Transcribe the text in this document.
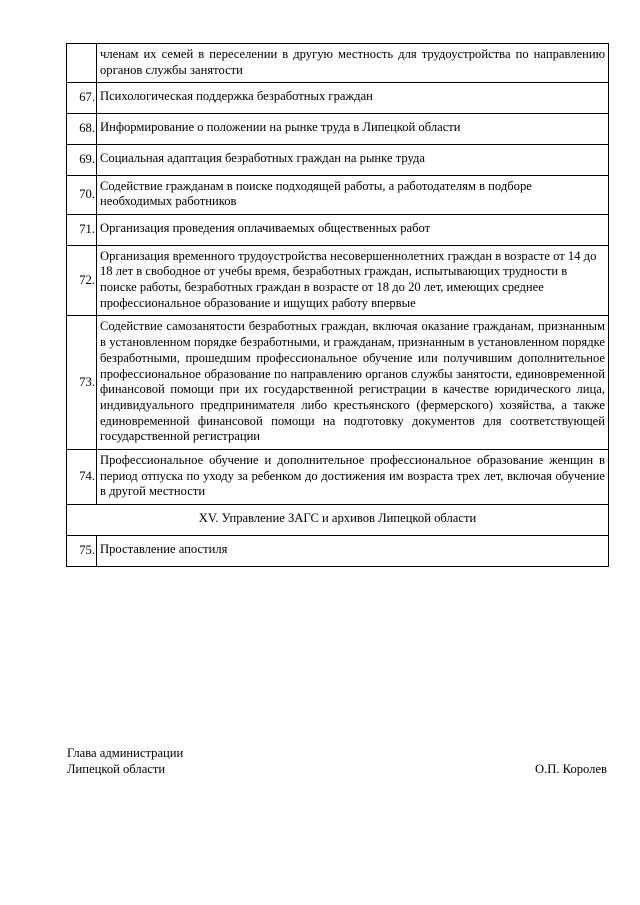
	членам их семей в переселении в другую местность для трудоустройства по направлению органов службы занятости
67.	Психологическая поддержка безработных граждан
68.	Информирование о положении на рынке труда в Липецкой области
69.	Социальная адаптация безработных граждан на рынке труда
70.	Содействие гражданам в поиске подходящей работы, а работодателям в подборе необходимых работников
71.	Организация проведения оплачиваемых общественных работ
72.	Организация временного трудоустройства несовершеннолетних граждан в возрасте от 14 до 18 лет в свободное от учебы время, безработных граждан, испытывающих трудности в поиске работы, безработных граждан в возрасте от 18 до 20 лет, имеющих среднее профессиональное образование и ищущих работу впервые
73.	Содействие самозанятости безработных граждан, включая оказание гражданам, признанным в установленном порядке безработными, и гражданам, признанным в установленном порядке безработными, прошедшим профессиональное обучение или получившим дополнительное профессиональное образование по направлению органов службы занятости, единовременной финансовой помощи при их государственной регистрации в качестве юридического лица, индивидуального предпринимателя либо крестьянского (фермерского) хозяйства, а также единовременной финансовой помощи на подготовку документов для соответствующей государственной регистрации
74.	Профессиональное обучение и дополнительное профессиональное образование женщин в период отпуска по уходу за ребенком до достижения им возраста трех лет, включая обучение в другой местности
XV. Управление ЗАГС и архивов Липецкой области	
75.	Проставление апостиля
Глава администрации
Липецкой области	О.П. Королев
